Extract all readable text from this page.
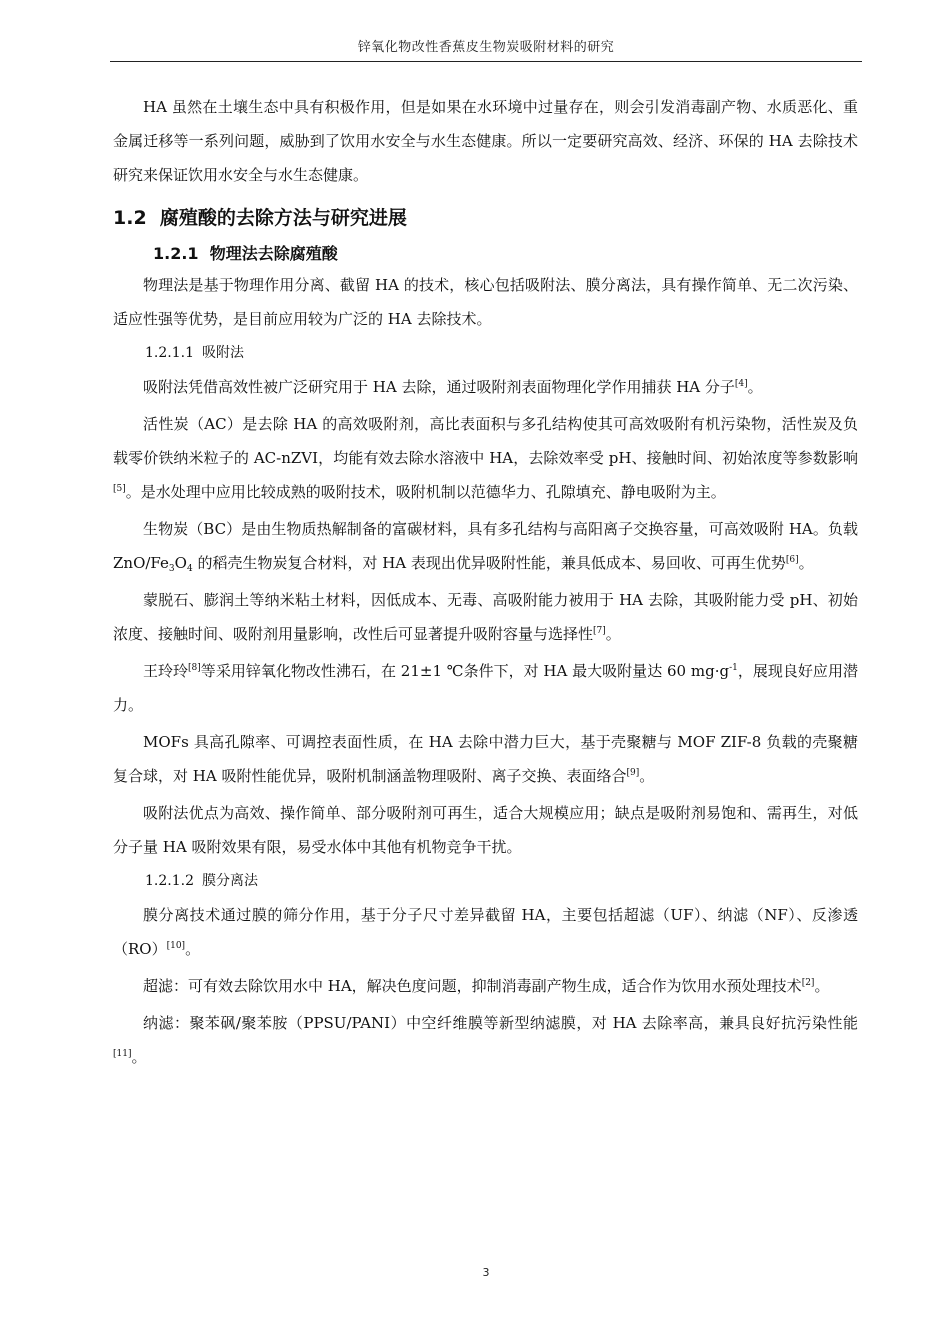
锌氧化物改性香蕉皮生物炭吸附材料的研究

HA 虽然在土壤生态中具有积极作用，但是如果在水环境中过量存在，则会引发消毒副产物、水质恶化、重金属迁移等一系列问题，威胁到了饮用水安全与水生态健康。所以一定要研究高效、经济、环保的 HA 去除技术研究来保证饮用水安全与水生态健康。

1.2 腐殖酸的去除方法与研究进展
1.2.1 物理法去除腐殖酸

物理法是基于物理作用分离、截留 HA 的技术，核心包括吸附法、膜分离法，具有操作简单、无二次污染、适应性强等优势，是目前应用较为广泛的 HA 去除技术。

1.2.1.1 吸附法

吸附法凭借高效性被广泛研究用于 HA 去除，通过吸附剂表面物理化学作用捕获 HA 分子[4]。

活性炭（AC）是去除 HA 的高效吸附剂，高比表面积与多孔结构使其可高效吸附有机污染物，活性炭及负载零价铁纳米粒子的 AC-nZVI，均能有效去除水溶液中 HA，去除效率受 pH、接触时间、初始浓度等参数影响[5]。是水处理中应用比较成熟的吸附技术，吸附机制以范德华力、孔隙填充、静电吸附为主。

生物炭（BC）是由生物质热解制备的富碳材料，具有多孔结构与高阳离子交换容量，可高效吸附 HA。负载 ZnO/$Fe_3O_4$ 的稻壳生物炭复合材料，对 HA 表现出优异吸附性能，兼具低成本、易回收、可再生优势[6]。

蒙脱石、膨润土等纳米粘土材料，因低成本、无毒、高吸附能力被用于 HA 去除，其吸附能力受 pH、初始浓度、接触时间、吸附剂用量影响，改性后可显著提升吸附容量与选择性[7]。

王玲玲[8]等采用锌氧化物改性沸石，在 21±1 ℃条件下，对 HA 最大吸附量达 60 $mg\cdot g^{-1}$，展现良好应用潜力。

MOFs 具高孔隙率、可调控表面性质，在 HA 去除中潜力巨大，基于壳聚糖与 MOF ZIF-8 负载的壳聚糖复合球，对 HA 吸附性能优异，吸附机制涵盖物理吸附、离子交换、表面络合[9]。

吸附法优点为高效、操作简单、部分吸附剂可再生，适合大规模应用；缺点是吸附剂易饱和、需再生，对低分子量 HA 吸附效果有限，易受水体中其他有机物竞争干扰。

1.2.1.2 膜分离法

膜分离技术通过膜的筛分作用，基于分子尺寸差异截留 HA，主要包括超滤（UF）、纳滤（NF）、反渗透（RO）[10]。

超滤：可有效去除饮用水中 HA，解决色度问题，抑制消毒副产物生成，适合作为饮用水预处理技术[2]。

纳滤：聚苯砜/聚苯胺（PPSU/PANI）中空纤维膜等新型纳滤膜，对 HA 去除率高，兼具良好抗污染性能[11]。

3
